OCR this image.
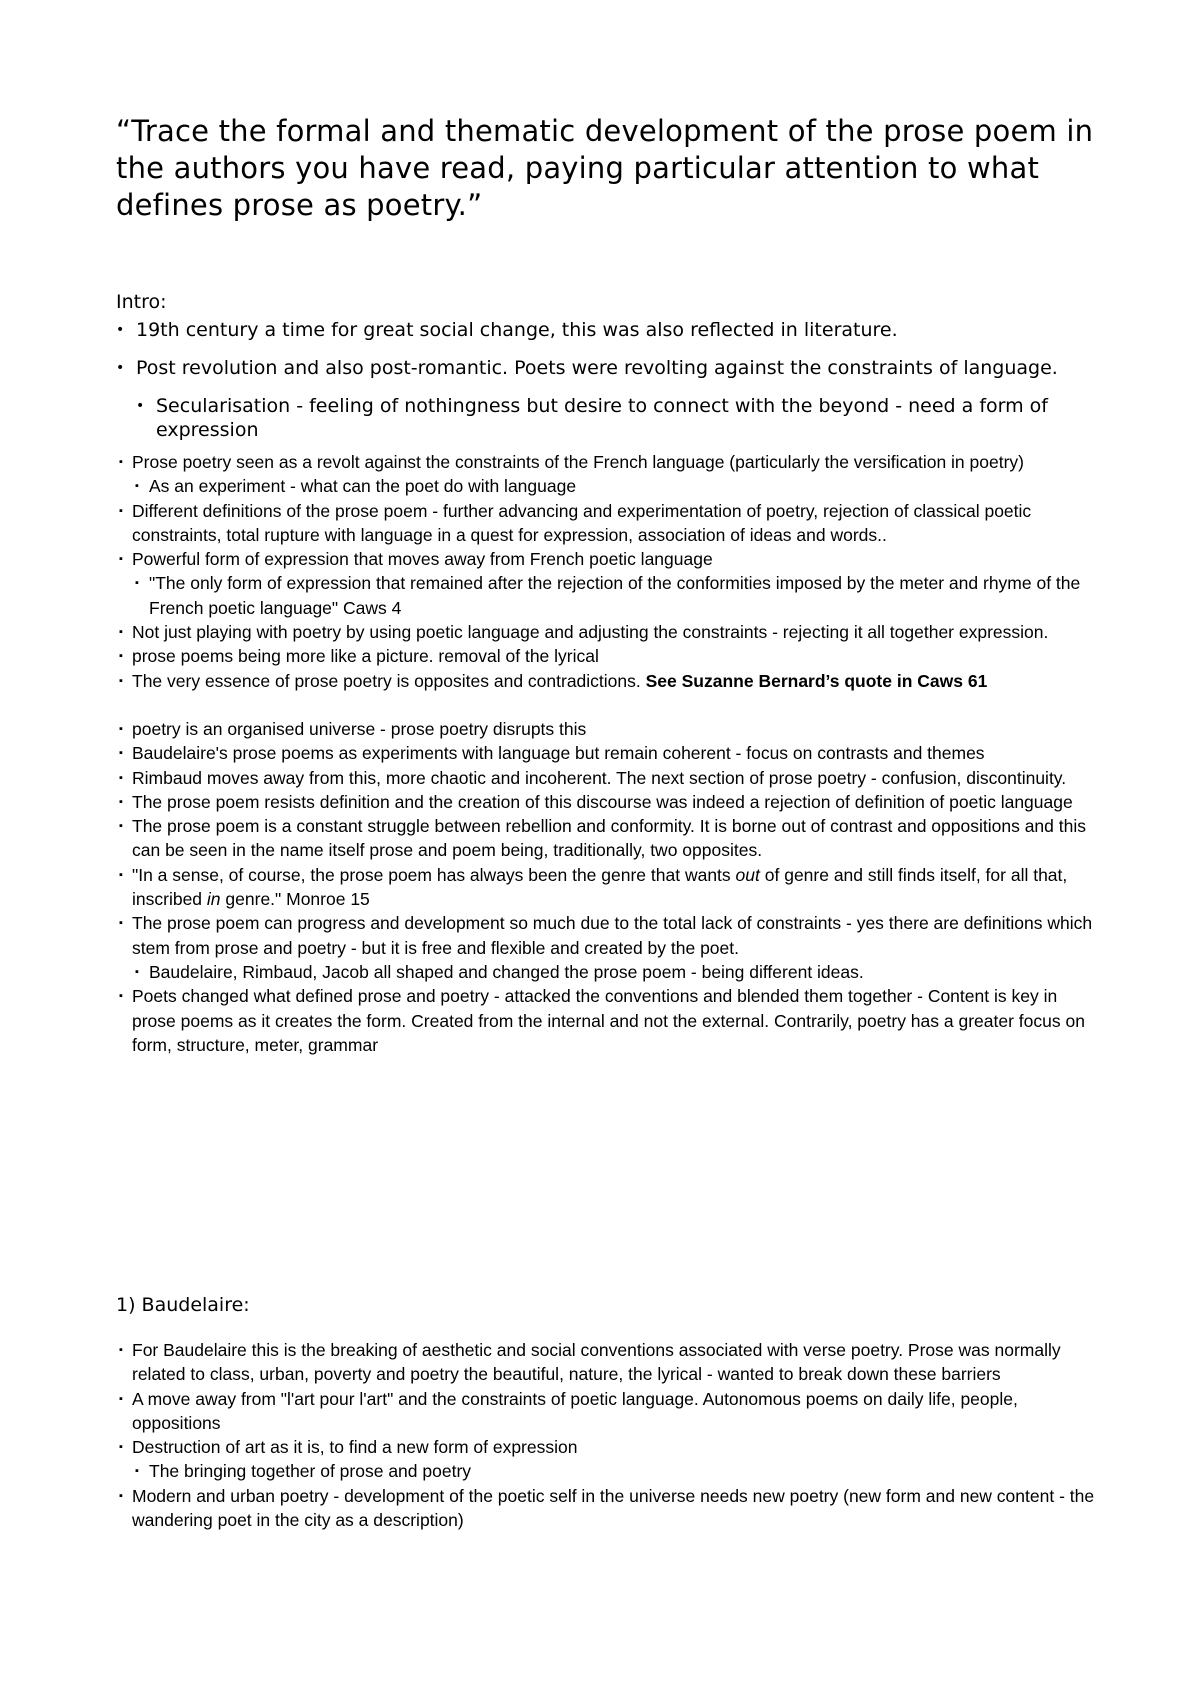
“Trace the formal and thematic development of the prose poem in the authors you have read, paying particular attention to what defines prose as poetry.”

Intro:

• 19th century a time for great social change, this was also reflected in literature.
• Post revolution and also post-romantic. Poets were revolting against the constraints of language.
• Secularisation - feeling of nothingness but desire to connect with the beyond - need a form of expression
▪ Prose poetry seen as a revolt against the constraints of the French language (particularly the versification in poetry)
▪ As an experiment - what can the poet do with language
▪ Different definitions of the prose poem - further advancing and experimentation of poetry, rejection of classical poetic constraints, total rupture with language in a quest for expression, association of ideas and words..
▪ Powerful form of expression that moves away from French poetic language
▪ "The only form of expression that remained after the rejection of the conformities imposed by the meter and rhyme of the French poetic language" Caws 4
▪ Not just playing with poetry by using poetic language and adjusting the constraints - rejecting it all together expression.
▪ prose poems being more like a picture. removal of the lyrical
▪ The very essence of prose poetry is opposites and contradictions. See Suzanne Bernard’s quote in Caws 61
▪ poetry is an organised universe - prose poetry disrupts this
▪ Baudelaire's prose poems as experiments with language but remain coherent - focus on contrasts and themes
▪ Rimbaud moves away from this, more chaotic and incoherent. The next section of prose poetry - confusion, discontinuity.
▪ The prose poem resists definition and the creation of this discourse was indeed a rejection of definition of poetic language
▪ The prose poem is a constant struggle between rebellion and conformity. It is borne out of contrast and oppositions and this can be seen in the name itself prose and poem being, traditionally, two opposites.
▪ "In a sense, of course, the prose poem has always been the genre that wants out of genre and still finds itself, for all that, inscribed in genre." Monroe 15
▪ The prose poem can progress and development so much due to the total lack of constraints - yes there are definitions which stem from prose and poetry - but it is free and flexible and created by the poet.
▪ Baudelaire, Rimbaud, Jacob all shaped and changed the prose poem - being different ideas.
▪ Poets changed what defined prose and poetry - attacked the conventions and blended them together - Content is key in prose poems as it creates the form. Created from the internal and not the external. Contrarily, poetry has a greater focus on form, structure, meter, grammar

1) Baudelaire:

▪ For Baudelaire this is the breaking of aesthetic and social conventions associated with verse poetry. Prose was normally related to class, urban, poverty and poetry the beautiful, nature, the lyrical - wanted to break down these barriers
▪ A move away from "l'art pour l'art" and the constraints of poetic language. Autonomous poems on daily life, people, oppositions
▪ Destruction of art as it is, to find a new form of expression
▪ The bringing together of prose and poetry
▪ Modern and urban poetry - development of the poetic self in the universe needs new poetry (new form and new content - the wandering poet in the city as a description)
